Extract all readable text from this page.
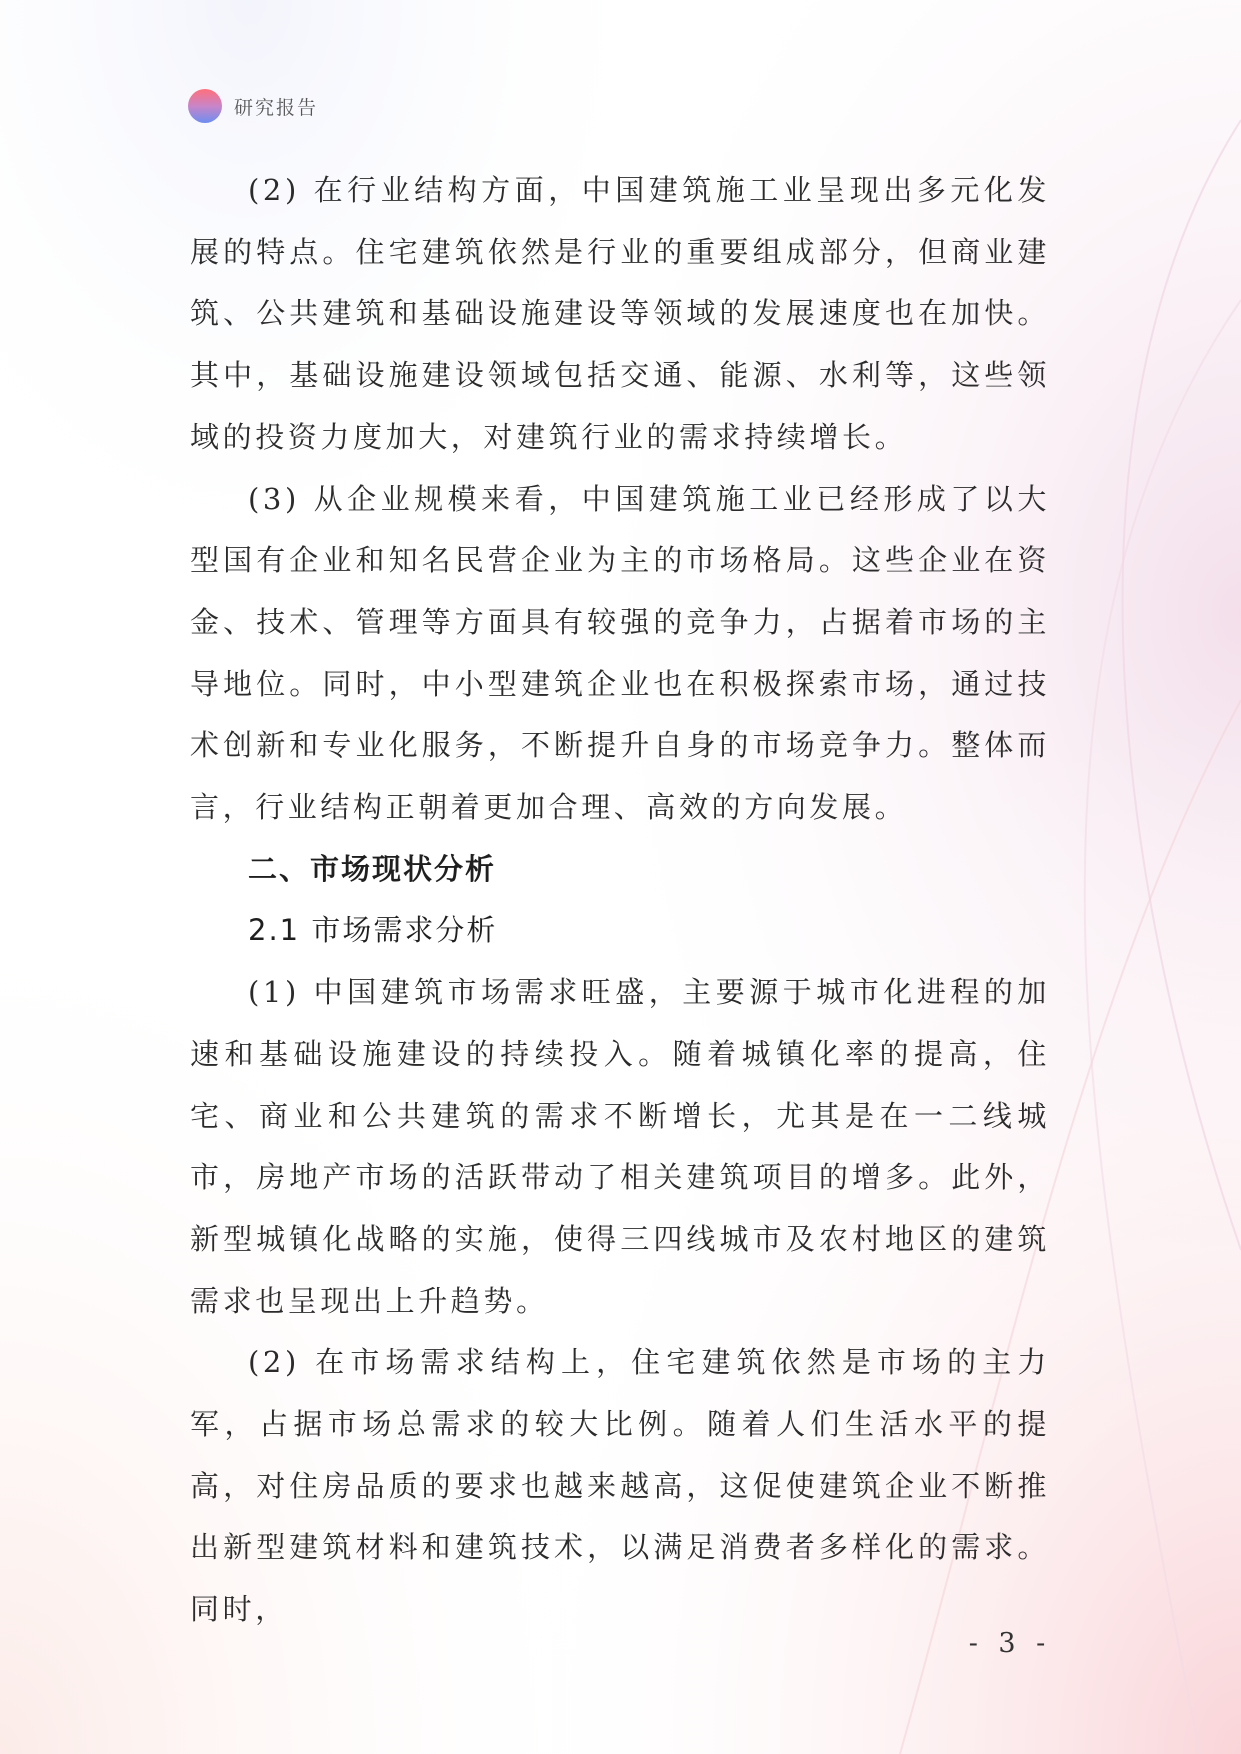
研究报告

(2) 在行业结构方面，中国建筑施工业呈现出多元化发展的特点。住宅建筑依然是行业的重要组成部分，但商业建筑、公共建筑和基础设施建设等领域的发展速度也在加快。其中，基础设施建设领域包括交通、能源、水利等，这些领域的投资力度加大，对建筑行业的需求持续增长。

(3) 从企业规模来看，中国建筑施工业已经形成了以大型国有企业和知名民营企业为主的市场格局。这些企业在资金、技术、管理等方面具有较强的竞争力，占据着市场的主导地位。同时，中小型建筑企业也在积极探索市场，通过技术创新和专业化服务，不断提升自身的市场竞争力。整体而言，行业结构正朝着更加合理、高效的方向发展。

二、市场现状分析

2.1 市场需求分析

(1) 中国建筑市场需求旺盛，主要源于城市化进程的加速和基础设施建设的持续投入。随着城镇化率的提高，住宅、商业和公共建筑的需求不断增长，尤其是在一二线城市，房地产市场的活跃带动了相关建筑项目的增多。此外，新型城镇化战略的实施，使得三四线城市及农村地区的建筑需求也呈现出上升趋势。

(2) 在市场需求结构上，住宅建筑依然是市场的主力军，占据市场总需求的较大比例。随着人们生活水平的提高，对住房品质的要求也越来越高，这促使建筑企业不断推出新型建筑材料和建筑技术，以满足消费者多样化的需求。同时，

- 3 -
